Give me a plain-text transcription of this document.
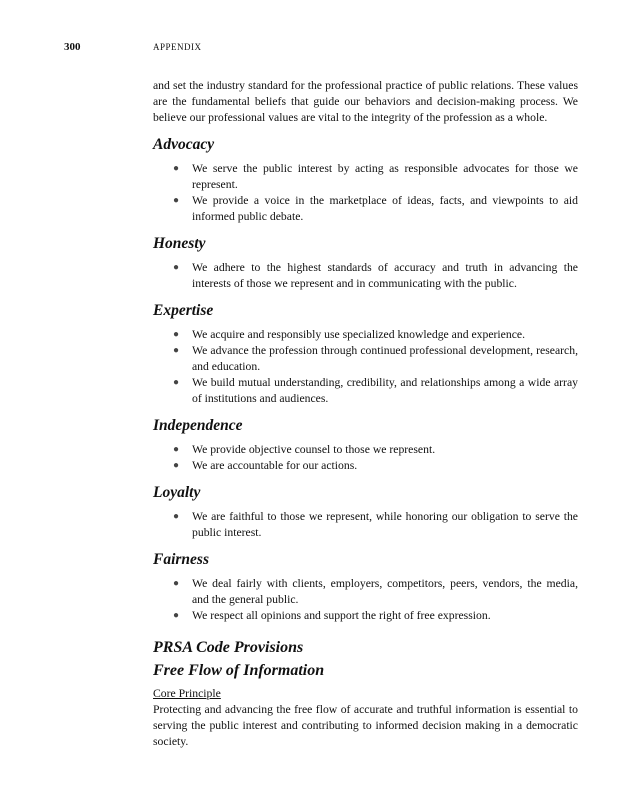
300	APPENDIX

and set the industry standard for the professional practice of public relations. These values are the fundamental beliefs that guide our behaviors and decision-making process. We believe our professional values are vital to the integrity of the profession as a whole.

Advocacy
● We serve the public interest by acting as responsible advocates for those we represent.
● We provide a voice in the marketplace of ideas, facts, and viewpoints to aid informed public debate.
Honesty
● We adhere to the highest standards of accuracy and truth in advancing the interests of those we represent and in communicating with the public.
Expertise
● We acquire and responsibly use specialized knowledge and experience.
● We advance the profession through continued professional development, research, and education.
● We build mutual understanding, credibility, and relationships among a wide array of institutions and audiences.
Independence
● We provide objective counsel to those we represent.
● We are accountable for our actions.
Loyalty
● We are faithful to those we represent, while honoring our obligation to serve the public interest.
Fairness
● We deal fairly with clients, employers, competitors, peers, vendors, the media, and the general public.
● We respect all opinions and support the right of free expression.
PRSA Code Provisions
Free Flow of Information
Core Principle

Protecting and advancing the free flow of accurate and truthful information is essential to serving the public interest and contributing to informed decision making in a democratic society.
